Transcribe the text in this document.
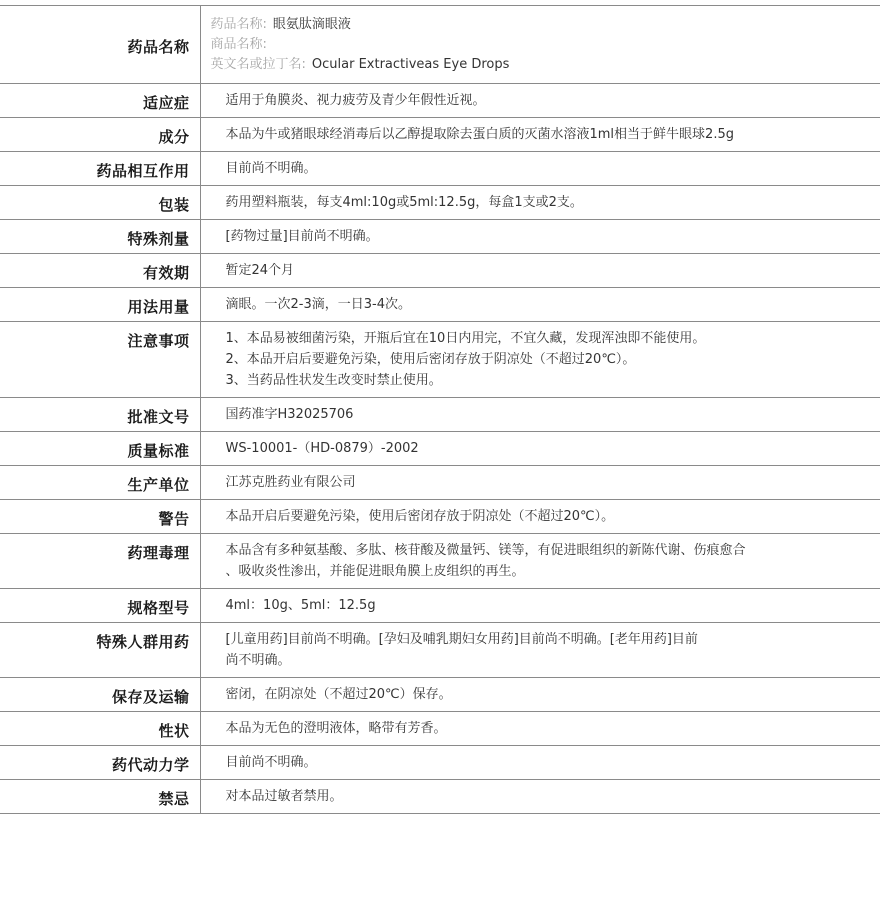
药品名称	药品名称: 眼氨肽滴眼液
商品名称:
英文名或拉丁名: Ocular Extractiveas Eye Drops

适应症	适用于角膜炎、视力疲劳及青少年假性近视。

成分	本品为牛或猪眼球经消毒后以乙醇提取除去蛋白质的灭菌水溶液1ml相当于鲜牛眼球2.5g

药品相互作用	目前尚不明确。

包装	药用塑料瓶装，每支4ml:10g或5ml:12.5g，每盒1支或2支。

特殊剂量	[药物过量]目前尚不明确。

有效期	暂定24个月

用法用量	滴眼。一次2-3滴，一日3-4次。

注意事项	1、本品易被细菌污染，开瓶后宜在10日内用完，不宜久藏，发现浑浊即不能使用。
2、本品开启后要避免污染，使用后密闭存放于阴凉处（不超过20℃）。
3、当药品性状发生改变时禁止使用。

批准文号	国药准字H32025706

质量标准	WS-10001-（HD-0879）-2002

生产单位	江苏克胜药业有限公司

警告	本品开启后要避免污染，使用后密闭存放于阴凉处（不超过20℃）。

药理毒理	本品含有多种氨基酸、多肽、核苷酸及微量钙、镁等，有促进眼组织的新陈代谢、伤痕愈合
、吸收炎性渗出，并能促进眼角膜上皮组织的再生。

规格型号	4ml：10g、5ml：12.5g

特殊人群用药	[儿童用药]目前尚不明确。[孕妇及哺乳期妇女用药]目前尚不明确。[老年用药]目前
尚不明确。

保存及运输	密闭，在阴凉处（不超过20℃）保存。

性状	本品为无色的澄明液体，略带有芳香。

药代动力学	目前尚不明确。

禁忌	对本品过敏者禁用。
